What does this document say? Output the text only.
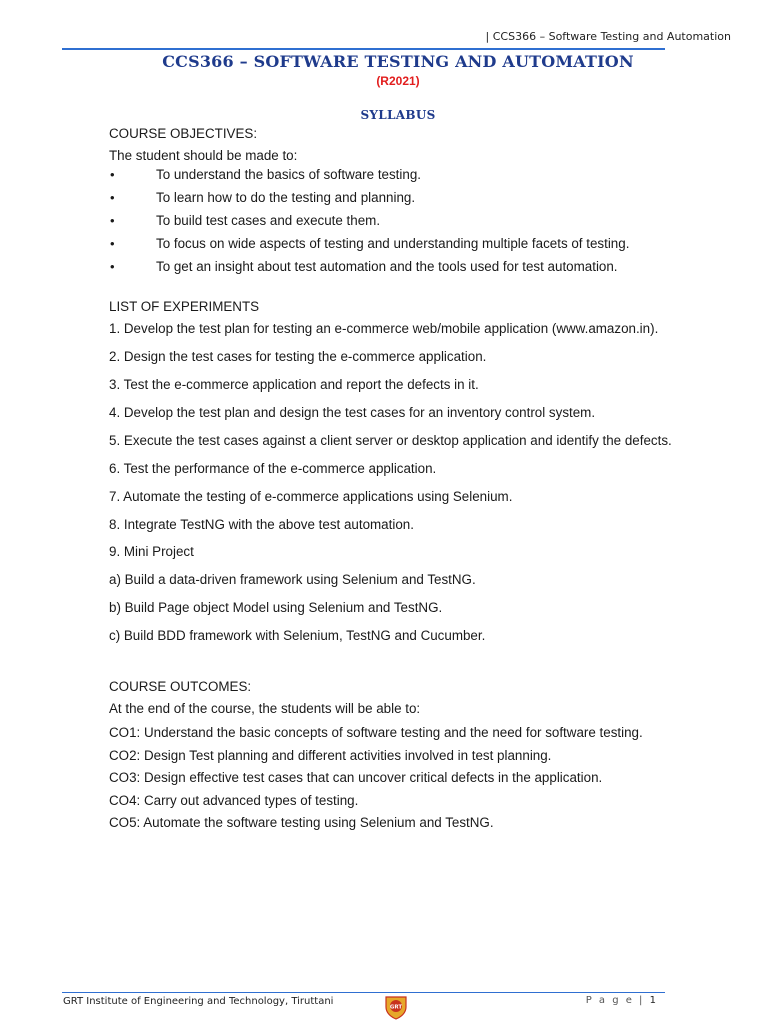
| CCS366 – Software Testing and Automation
CCS366 – SOFTWARE TESTING AND AUTOMATION
(R2021)
SYLLABUS
COURSE OBJECTIVES:
The student should be made to:
•	To understand the basics of software testing.
•	To learn how to do the testing and planning.
•	To build test cases and execute them.
•	To focus on wide aspects of testing and understanding multiple facets of testing.
•	To get an insight about test automation and the tools used for test automation.
LIST OF EXPERIMENTS
1. Develop the test plan for testing an e-commerce web/mobile application (www.amazon.in).
2. Design the test cases for testing the e-commerce application.
3. Test the e-commerce application and report the defects in it.
4. Develop the test plan and design the test cases for an inventory control system.
5. Execute the test cases against a client server or desktop application and identify the defects.
6. Test the performance of the e-commerce application.
7. Automate the testing of e-commerce applications using Selenium.
8. Integrate TestNG with the above test automation.
9. Mini Project
a) Build a data-driven framework using Selenium and TestNG.
b) Build Page object Model using Selenium and TestNG.
c) Build BDD framework with Selenium, TestNG and Cucumber.
COURSE OUTCOMES:
At the end of the course, the students will be able to:
CO1: Understand the basic concepts of software testing and the need for software testing.
CO2: Design Test planning and different activities involved in test planning.
CO3: Design effective test cases that can uncover critical defects in the application.
CO4: Carry out advanced types of testing.
CO5: Automate the software testing using Selenium and TestNG.
GRT Institute of Engineering and Technology, Tiruttani
GRT
P a g e | 1
